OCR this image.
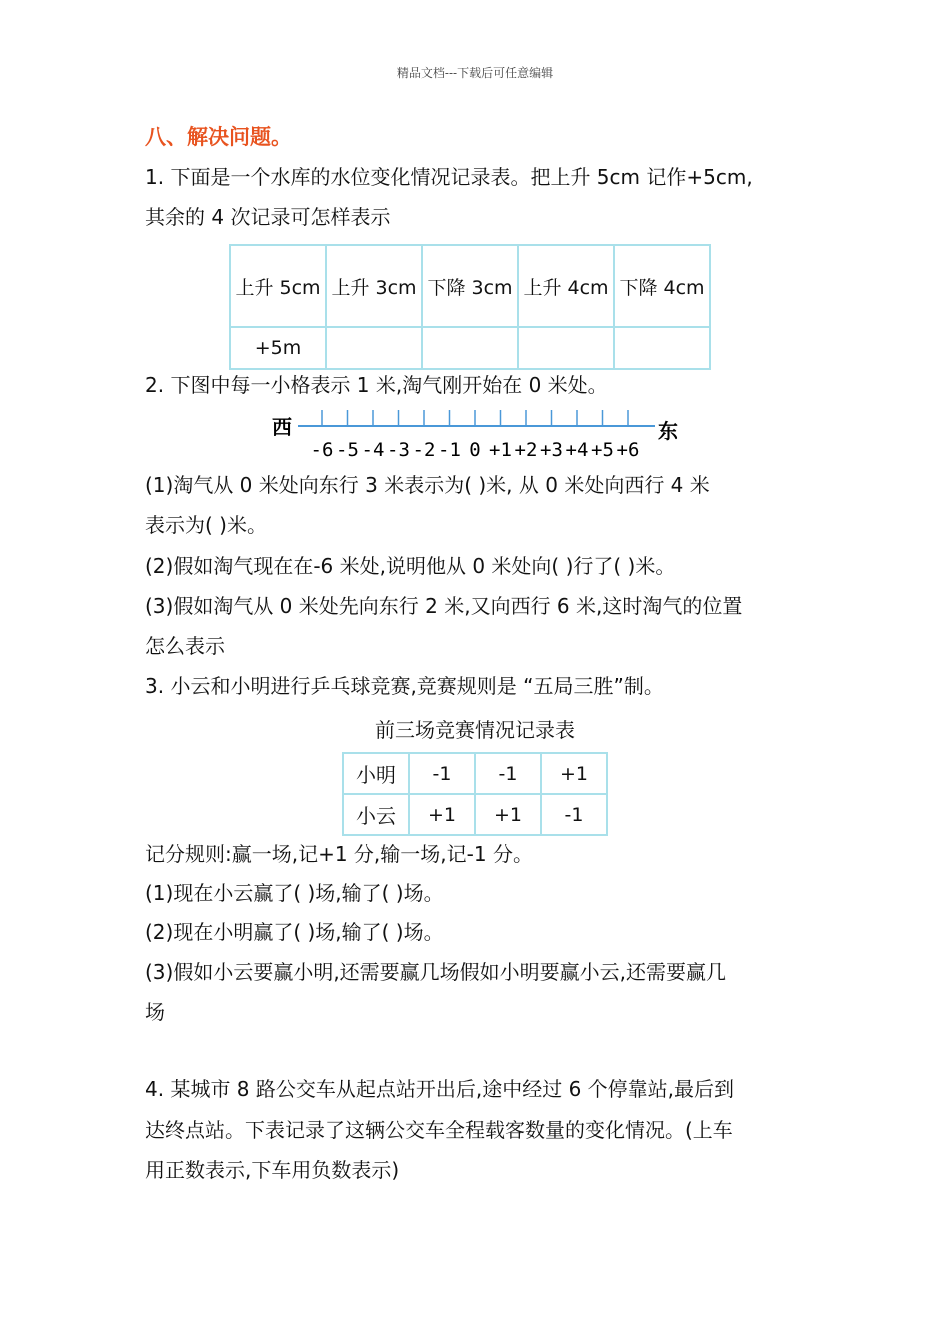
精品文档---下载后可任意编辑
八、解决问题。
1. 下面是一个水库的水位变化情况记录表。把上升 5cm 记作+5cm,
其余的 4 次记录可怎样表示
上升 5cm	上升 3cm	下降 3cm	上升 4cm	下降 4cm
+5m				
2. 下图中每一小格表示 1 米,淘气刚开始在 0 米处。
西	东
-6 -5 -4 -3 -2 -1 0 +1 +2 +3 +4 +5 +6
(1)淘气从 0 米处向东行 3 米表示为( )米, 从 0 米处向西行 4 米
表示为( )米。
(2)假如淘气现在在-6 米处,说明他从 0 米处向( )行了( )米。
(3)假如淘气从 0 米处先向东行 2 米,又向西行 6 米,这时淘气的位置
怎么表示
3. 小云和小明进行乒乓球竞赛,竞赛规则是 “五局三胜”制。
前三场竞赛情况记录表
小明	-1	-1	+1
小云	+1	+1	-1
记分规则:赢一场,记+1 分,输一场,记-1 分。
(1)现在小云赢了( )场,输了( )场。
(2)现在小明赢了( )场,输了( )场。
(3)假如小云要赢小明,还需要赢几场假如小明要赢小云,还需要赢几
场
4. 某城市 8 路公交车从起点站开出后,途中经过 6 个停靠站,最后到
达终点站。下表记录了这辆公交车全程载客数量的变化情况。(上车
用正数表示,下车用负数表示)
